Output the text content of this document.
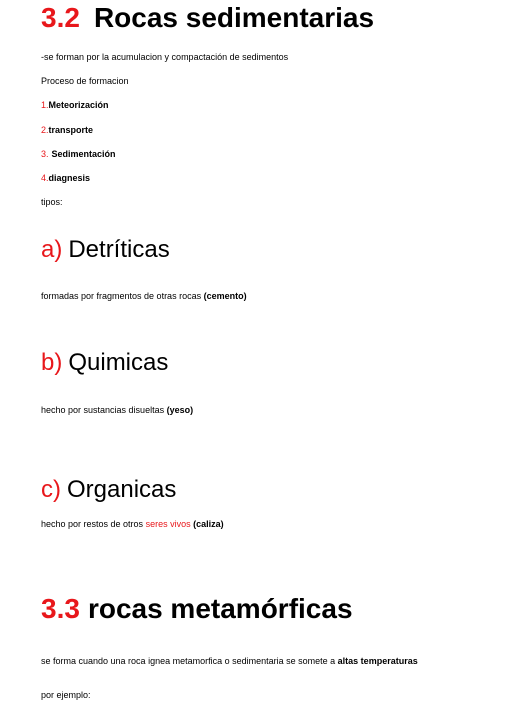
3.2 Rocas sedimentarias
-se forman por la acumulacion y compactación de sedimentos
Proceso de formacion
1.Meteorización
2.transporte
3. Sedimentación
4.diagnesis
tipos:
a) Detríticas
formadas por fragmentos de otras rocas (cemento)
b) Quimicas
hecho por sustancias disueltas (yeso)
c) Organicas
hecho por restos de otros seres vivos (caliza)
3.3 rocas metamórficas
se forma cuando una roca ignea metamorfica o sedimentaria se somete a altas temperaturas
por ejemplo:
